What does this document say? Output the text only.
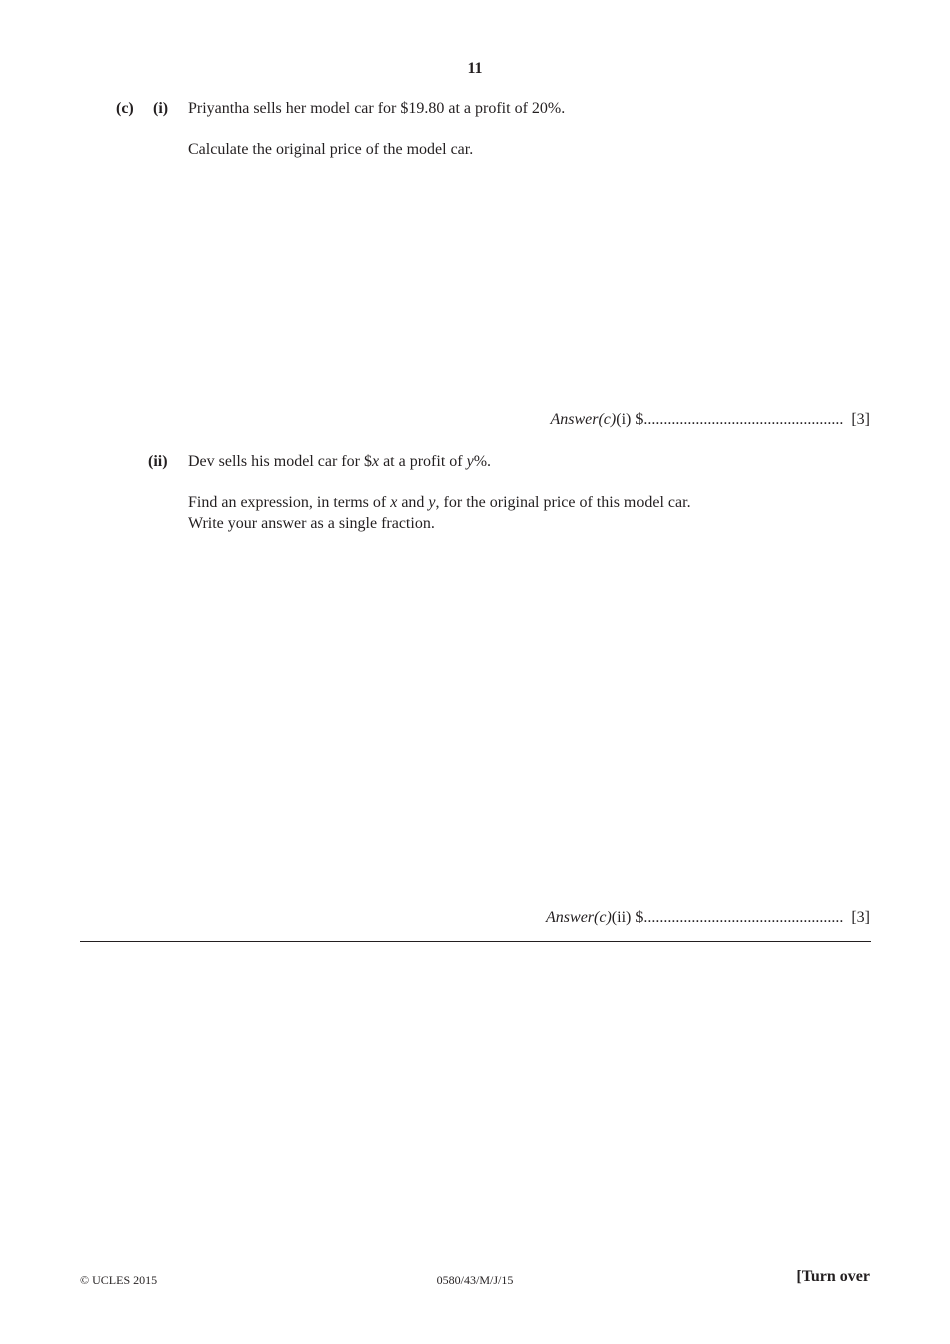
11
(c) (i) Priyantha sells her model car for $19.80 at a profit of 20%.
Calculate the original price of the model car.
Answer(c)(i) $.................................................. [3]
(ii) Dev sells his model car for $x at a profit of y%.
Find an expression, in terms of x and y, for the original price of this model car.
Write your answer as a single fraction.
Answer(c)(ii) $.................................................. [3]
© UCLES 2015	0580/43/M/J/15	[Turn over
